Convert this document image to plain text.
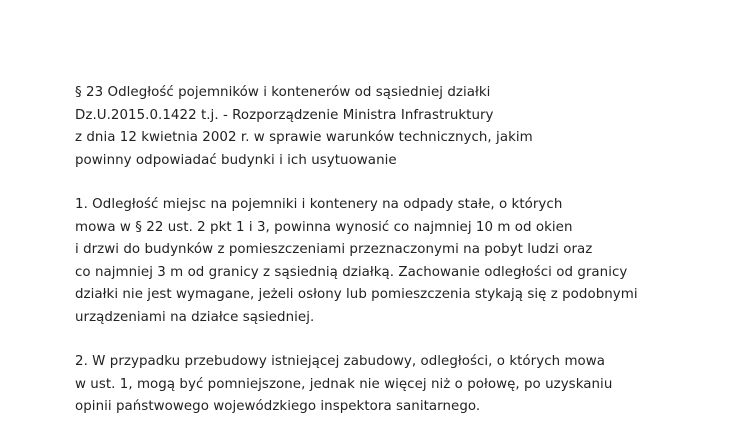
§ 23 Odległość pojemników i kontenerów od sąsiedniej działki
Dz.U.2015.0.1422 t.j. - Rozporządzenie Ministra Infrastruktury
z dnia 12 kwietnia 2002 r. w sprawie warunków technicznych, jakim
powinny odpowiadać budynki i ich usytuowanie
1. Odległość miejsc na pojemniki i kontenery na odpady stałe, o których
mowa w § 22 ust. 2 pkt 1 i 3, powinna wynosić co najmniej 10 m od okien
i drzwi do budynków z pomieszczeniami przeznaczonymi na pobyt ludzi oraz
co najmniej 3 m od granicy z sąsiednią działką. Zachowanie odległości od granicy
działki nie jest wymagane, jeżeli osłony lub pomieszczenia stykają się z podobnymi
urządzeniami na działce sąsiedniej.
2. W przypadku przebudowy istniejącej zabudowy, odległości, o których mowa
w ust. 1, mogą być pomniejszone, jednak nie więcej niż o połowę, po uzyskaniu
opinii państwowego wojewódzkiego inspektora sanitarnego.
